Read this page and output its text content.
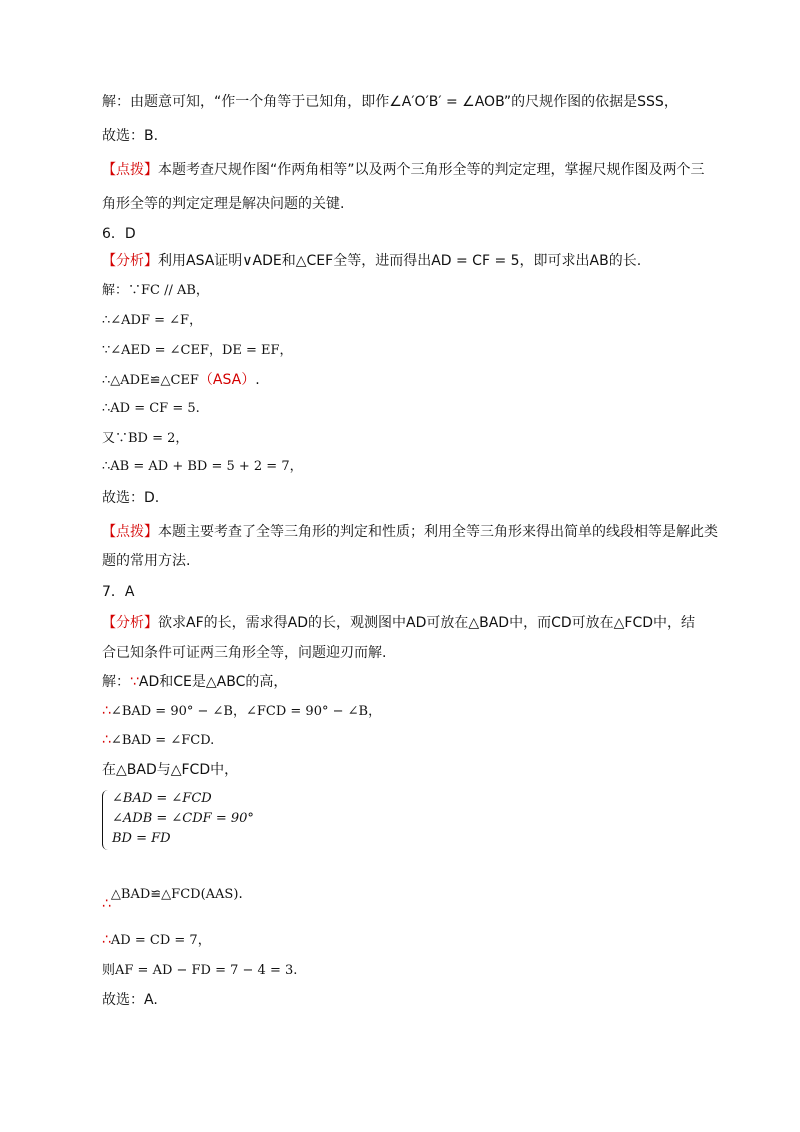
解：由题意可知，“作一个角等于已知角，即作∠A′O′B′ = ∠AOB”的尺规作图的依据是SSS，
故选：B.
【点拨】本题考查尺规作图“作两角相等”以及两个三角形全等的判定定理，掌握尺规作图及两个三
角形全等的判定定理是解决问题的关键.
6．D
【分析】利用ASA证明∨ADE和△CEF全等，进而得出AD = CF = 5，即可求出AB的长.
解：∵FC // AB，
∴∠ADF = ∠F，
∵∠AED = ∠CEF，DE = EF，
∴△ADE≌△CEF（ASA）.
∴AD = CF = 5.
又∵BD = 2，
∴AB = AD + BD = 5 + 2 = 7，
故选：D.
【点拨】本题主要考查了全等三角形的判定和性质；利用全等三角形来得出简单的线段相等是解此类
题的常用方法.
7．A
【分析】欲求AF的长，需求得AD的长，观测图中AD可放在△BAD中，而CD可放在△FCD中，结
合已知条件可证两三角形全等，问题迎刃而解.
解：∵AD和CE是△ABC的高，
∴∠BAD = 90° − ∠B，∠FCD = 90° − ∠B，
∴∠BAD = ∠FCD.
在△BAD与△FCD中，
∠BAD = ∠FCD
∠ADB = ∠CDF = 90°
BD = FD
∴△BAD≌△FCD(AAS).
∴AD = CD = 7，
则AF = AD − FD = 7 − 4 = 3.
故选：A.
